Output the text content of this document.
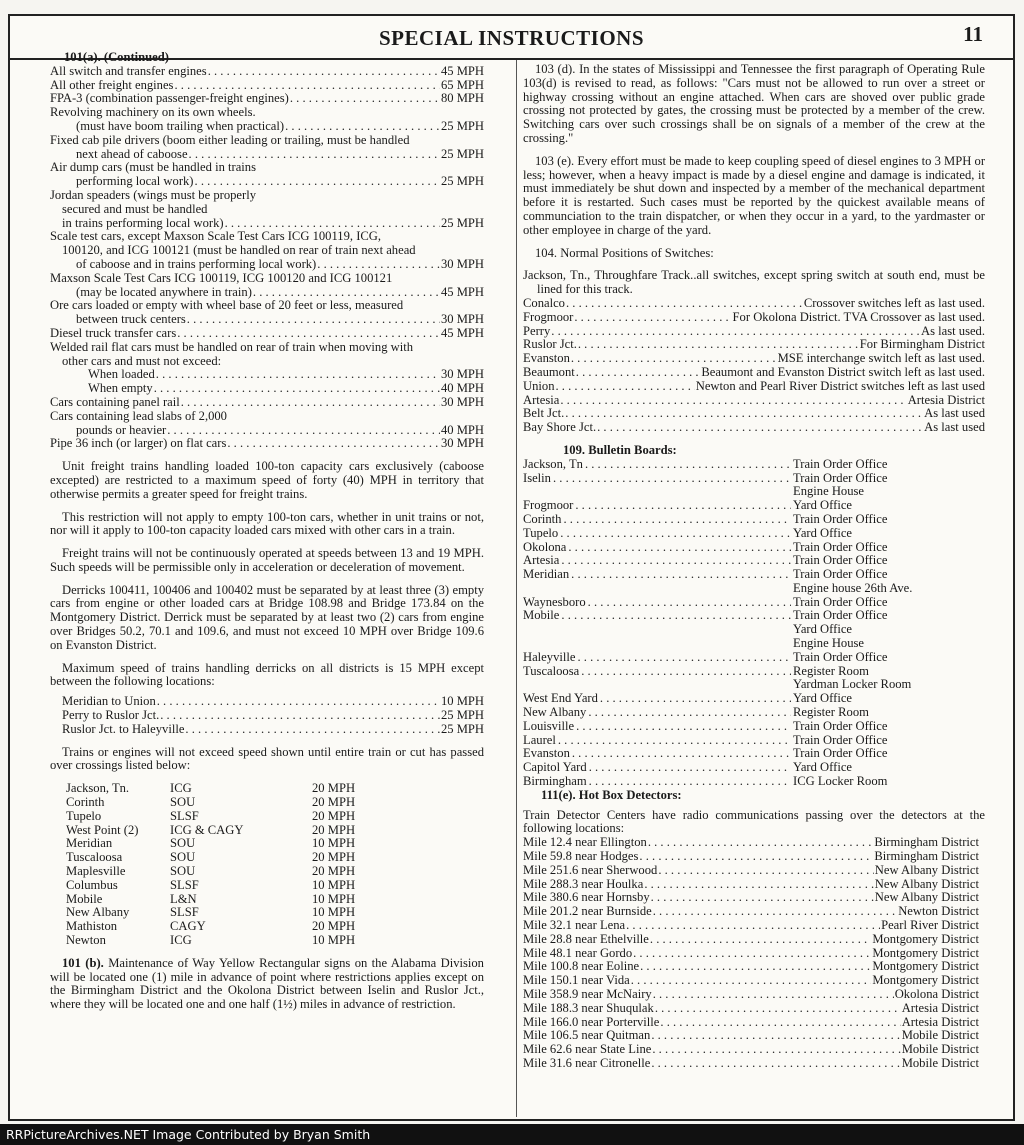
SPECIAL INSTRUCTIONS	11
101(a). (Continued)
All switch and transfer engines . . .	45 MPH
All other freight engines . . .	65 MPH
FPA-3 (combination passenger-freight engines) . . .	80 MPH
Revolving machinery on its own wheels.
(must have boom trailing when practical) . . .	25 MPH
Fixed cab pile drivers (boom either leading or trailing, must be handled
next ahead of caboose . . .	25 MPH
Air dump cars (must be handled in trains
performing local work) . . .	25 MPH
Jordan speaders (wings must be properly
secured and must be handled
in trains performing local work) . . .	25 MPH
Scale test cars, except Maxson Scale Test Cars ICG 100119, ICG,
100120, and ICG 100121 (must be handled on rear of train next ahead
of caboose and in trains performing local work) . . .	30 MPH
Maxson Scale Test Cars ICG 100119, ICG 100120 and ICG 100121
(may be located anywhere in train) . . .	45 MPH
Ore cars loaded or empty with wheel base of 20 feet or less, measured
between truck centers . . .	30 MPH
Diesel truck transfer cars . . .	45 MPH
Welded rail flat cars must be handled on rear of train when moving with
other cars and must not exceed:
When loaded . . .	30 MPH
When empty . . .	40 MPH
Cars containing panel rail . . .	30 MPH
Cars containing lead slabs of 2,000
pounds or heavier . . .	40 MPH
Pipe 36 inch (or larger) on flat cars . . .	30 MPH

Unit freight trains handling loaded 100-ton capacity cars exclusively (caboose excepted) are restricted to a maximum speed of forty (40) MPH in territory that otherwise permits a greater speed for freight trains.

This restriction will not apply to empty 100-ton cars, whether in unit trains or not, nor will it apply to 100-ton capacity loaded cars mixed with other cars in a train.

Freight trains will not be continuously operated at speeds between 13 and 19 MPH. Such speeds will be permissible only in acceleration or deceleration of movement.

Derricks 100411, 100406 and 100402 must be separated by at least three (3) empty cars from engine or other loaded cars at Bridge 108.98 and Bridge 173.84 on the Montgomery District. Derrick must be separated by at least two (2) cars from engine over Bridges 50.2, 70.1 and 109.6, and must not exceed 10 MPH over Bridge 109.6 on Evanston District.

Maximum speed of trains handling derricks on all districts is 15 MPH except between the following locations:

Meridian to Union . . .	10 MPH
Perry to Ruslor Jct. . . .	25 MPH
Ruslor Jct. to Haleyville . . .	25 MPH

Trains or engines will not exceed speed shown until entire train or cut has passed over crossings listed below:

Jackson, Tn.	ICG	20 MPH
Corinth	SOU	20 MPH
Tupelo	SLSF	20 MPH
West Point (2)	ICG & CAGY	20 MPH
Meridian	SOU	10 MPH
Tuscaloosa	SOU	20 MPH
Maplesville	SOU	20 MPH
Columbus	SLSF	10 MPH
Mobile	L&N	10 MPH
New Albany	SLSF	10 MPH
Mathiston	CAGY	20 MPH
Newton	ICG	10 MPH

101 (b). Maintenance of Way Yellow Rectangular signs on the Alabama Division will be located one (1) mile in advance of point where restrictions applies except on the Birmingham District and the Okolona District between Iselin and Ruslor Jct., where they will be located one and one half (1½) miles in advance of restriction.

103 (d). In the states of Mississippi and Tennessee the first paragraph of Operating Rule 103(d) is revised to read, as follows: "Cars must not be allowed to run over a street or highway crossing without an engine attached. When cars are shoved over public grade crossing not protected by gates, the crossing must be protected by a member of the crew. Switching cars over such crossings shall be on signals of a member of the crew at the crossing."

103 (e). Every effort must be made to keep coupling speed of diesel engines to 3 MPH or less; however, when a heavy impact is made by a diesel engine and damage is indicated, it must immediately be shut down and inspected by a member of the mechanical department before it is restarted. Such cases must be reported by the quickest available means of communciation to the train dispatcher, or when they occur in a yard, to the yardmaster or other employee in charge of the yard.

104. Normal Positions of Switches:

Jackson, Tn., Throughfare Track..all switches, except spring switch at south end, must be lined for this track.

Conalco . . .	Crossover switches left as last used.
Frogmoor . . .	For Okolona District. TVA Crossover as last used.
Perry . . .	As last used.
Ruslor Jct. . . .	For Birmingham District
Evanston . . .	MSE interchange switch left as last used.
Beaumont . . .	Beaumont and Evanston District switch left as last used.
Union . . .	Newton and Pearl River District switches left as last used
Artesia . . .	Artesia District
Belt Jct. . . .	As last used
Bay Shore Jct. . . .	As last used
109. Bulletin Boards:
Jackson, Tn . . .	Train Order Office
Iselin . . .	Train Order Office
Engine House
Frogmoor . . .	Yard Office
Corinth . . .	Train Order Office
Tupelo . . .	Yard Office
Okolona . . .	Train Order Office
Artesia . . .	Train Order Office
Meridian . . .	Train Order Office
Engine house 26th Ave.
Waynesboro . . .	Train Order Office
Mobile . . .	Train Order Office
Yard Office
Engine House
Haleyville . . .	Train Order Office
Tuscaloosa . . .	Register Room
Yardman Locker Room
West End Yard . . .	Yard Office
New Albany . . .	Register Room
Louisville . . .	Train Order Office
Laurel . . .	Train Order Office
Evanston . . .	Train Order Office
Capitol Yard . . .	Yard Office
Birmingham . . .	ICG Locker Room
111(e). Hot Box Detectors:

Train Detector Centers have radio communications passing over the detectors at the following locations:

Mile 12.4 near Ellington . . .	Birmingham District
Mile 59.8 near Hodges . . .	Birmingham District
Mile 251.6 near Sherwood . . .	New Albany District
Mile 288.3 near Houlka . . .	New Albany District
Mile 380.6 near Hornsby . . .	New Albany District
Mile 201.2 near Burnside . . .	Newton District
Mile 32.1 near Lena . . .	Pearl River District
Mile 28.8 near Ethelville . . .	Montgomery District
Mile 48.1 near Gordo . . .	Montgomery District
Mile 100.8 near Eoline . . .	Montgomery District
Mile 150.1 near Vida . . .	Montgomery District
Mile 358.9 near McNairy . . .	Okolona District
Mile 188.3 near Shuqulak . . .	Artesia District
Mile 166.0 near Porterville . . .	Artesia District
Mile 106.5 near Quitman . . .	Mobile District
Mile 62.6 near State Line . . .	Mobile District
Mile 31.6 near Citronelle . . .	Mobile District
RRPictureArchives.NET Image Contributed by Bryan Smith
